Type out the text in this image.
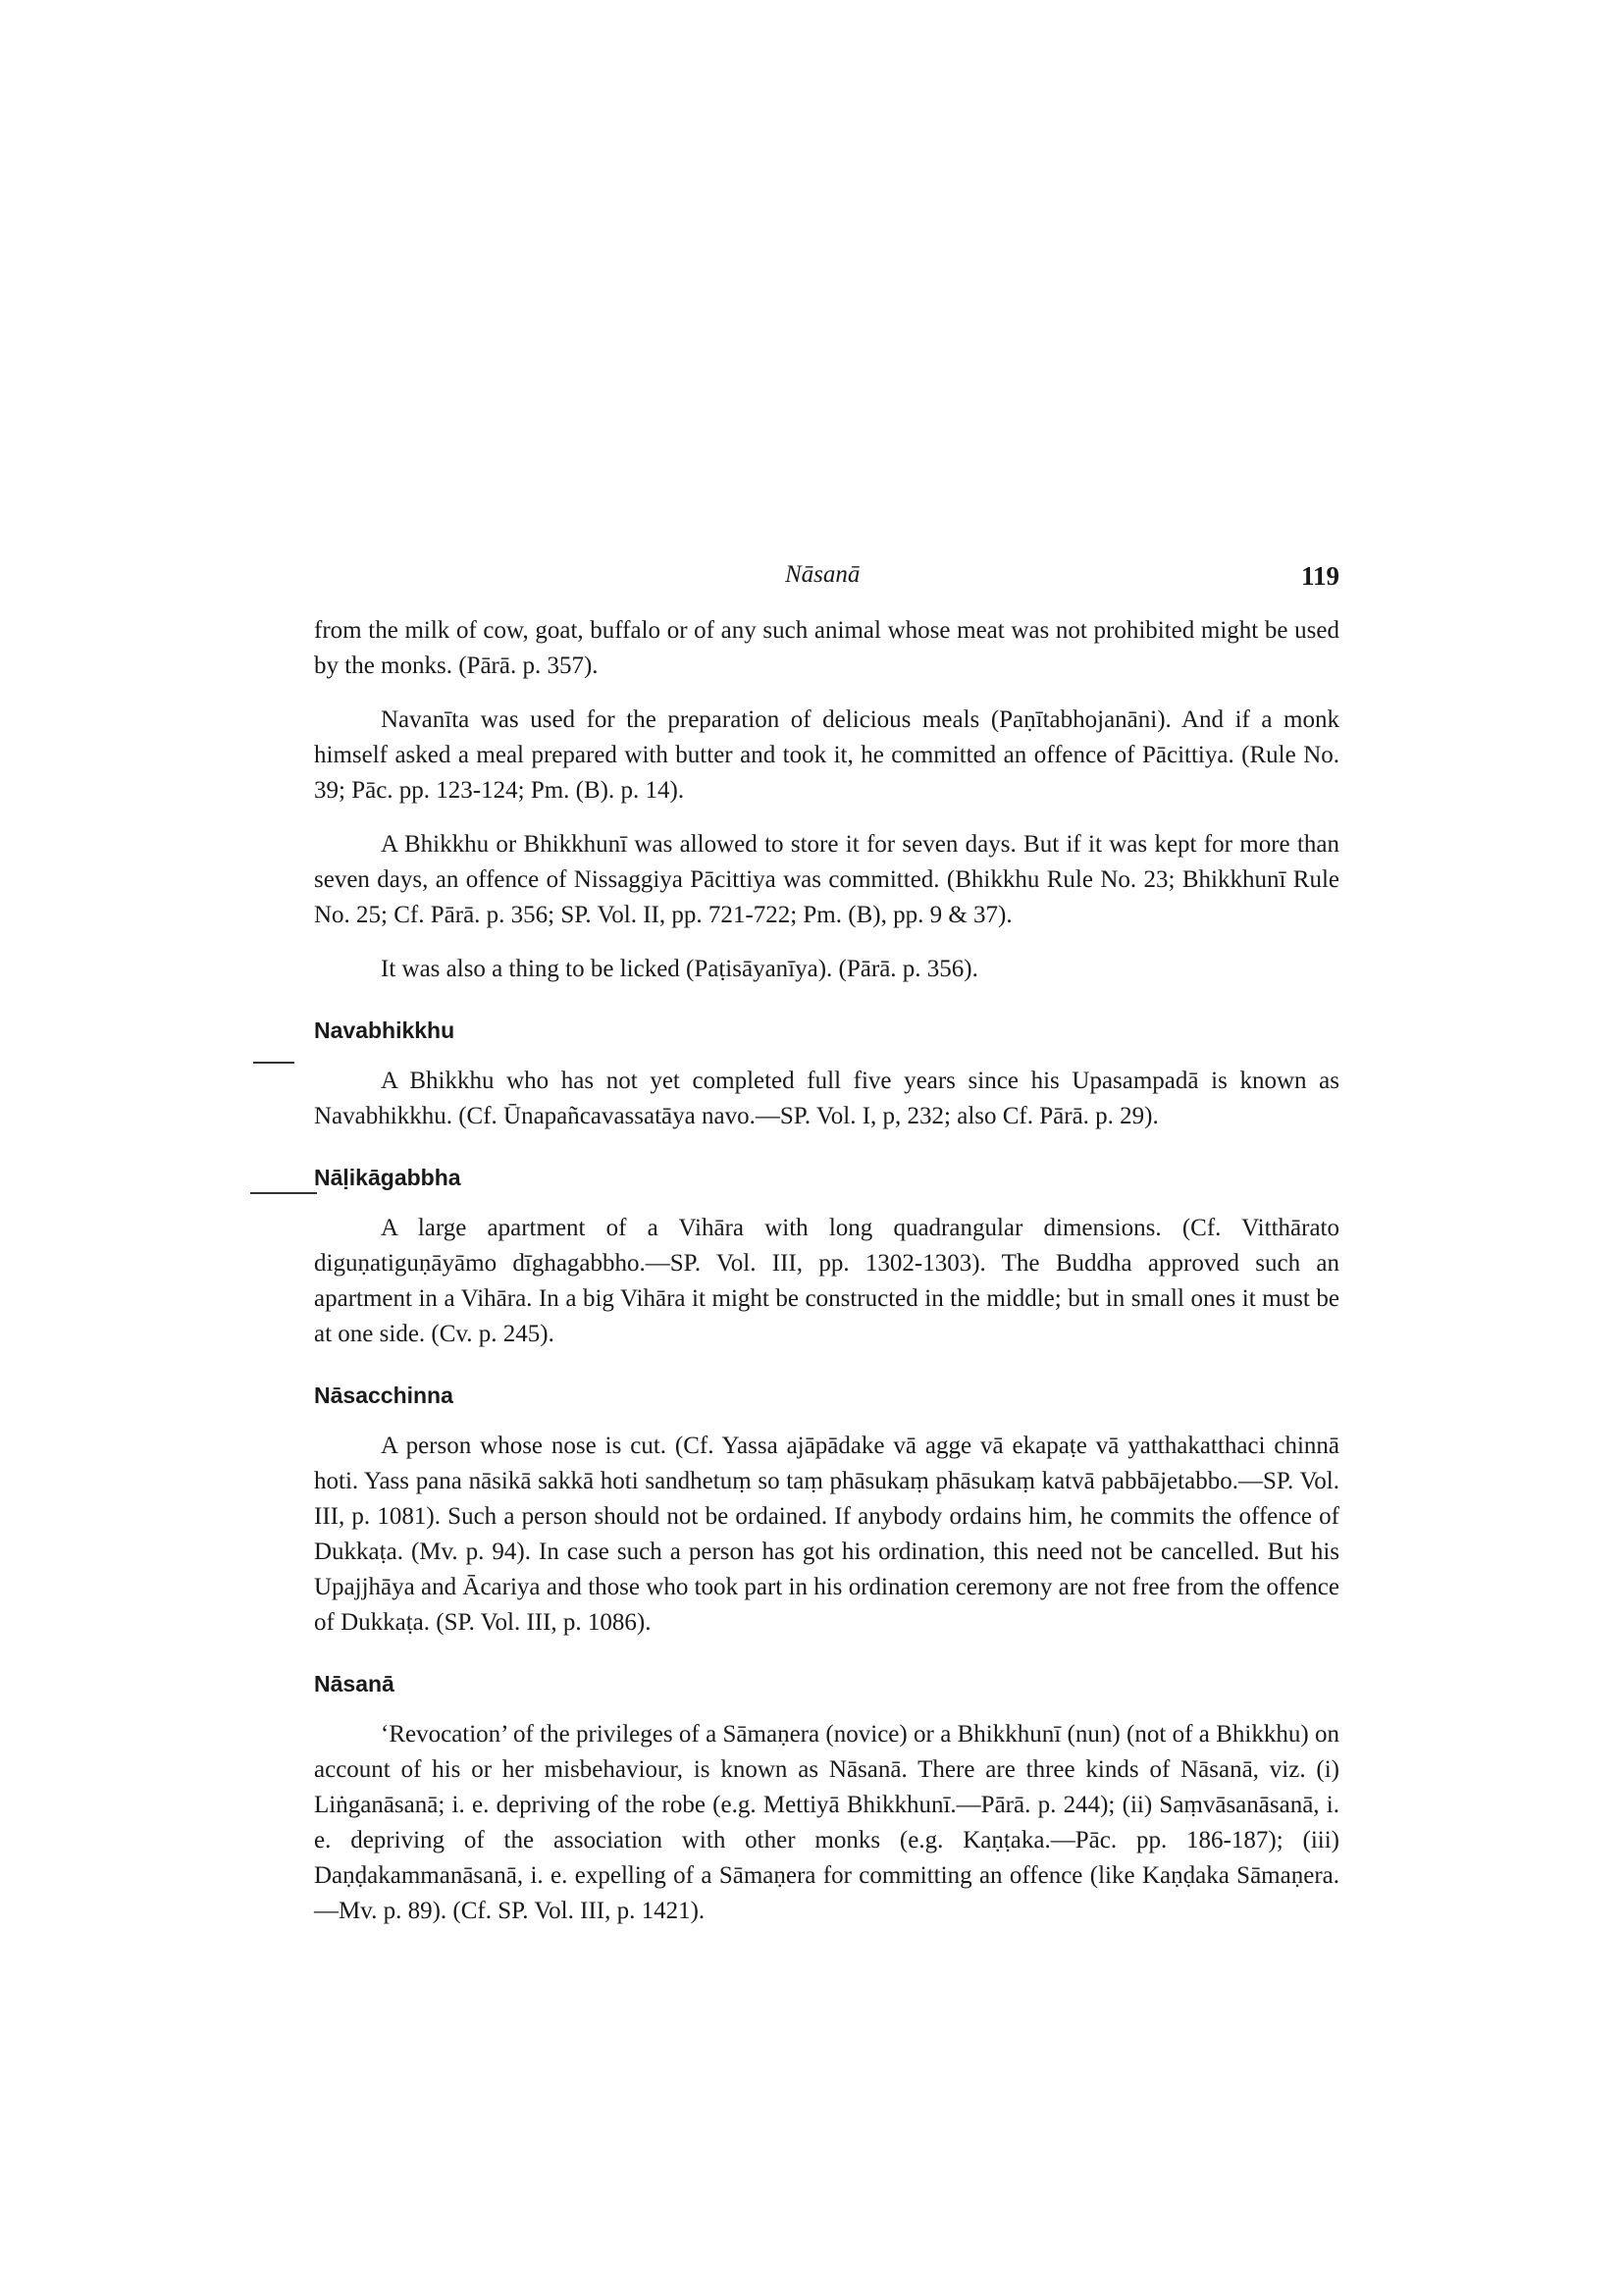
Nāsanā	119

from the milk of cow, goat, buffalo or of any such animal whose meat was not prohibited might be used by the monks. (Pārā. p. 357).

Navanīta was used for the preparation of delicious meals (Paṇītabhojanāni). And if a monk himself asked a meal prepared with butter and took it, he committed an offence of Pācittiya. (Rule No. 39; Pāc. pp. 123-124; Pm. (B). p. 14).

A Bhikkhu or Bhikkhunī was allowed to store it for seven days. But if it was kept for more than seven days, an offence of Nissaggiya Pācittiya was committed. (Bhikkhu Rule No. 23; Bhikkhunī Rule No. 25; Cf. Pārā. p. 356; SP. Vol. II, pp. 721-722; Pm. (B), pp. 9 & 37).

It was also a thing to be licked (Paṭisāyanīya). (Pārā. p. 356).

Navabhikkhu

A Bhikkhu who has not yet completed full five years since his Upasampadā is known as Navabhikkhu. (Cf. Ūnapañcavassatāya navo.—SP. Vol. I, p, 232; also Cf. Pārā. p. 29).

Nāḷikāgabbha

A large apartment of a Vihāra with long quadrangular dimensions. (Cf. Vitthārato diguṇatiguṇāyāmo dīghagabbho.—SP. Vol. III, pp. 1302-1303). The Buddha approved such an apartment in a Vihāra. In a big Vihāra it might be constructed in the middle; but in small ones it must be at one side. (Cv. p. 245).

Nāsacchinna

A person whose nose is cut. (Cf. Yassa ajāpādake vā agge vā ekapaṭe vā yatthakatthaci chinnā hoti. Yass pana nāsikā sakkā hoti sandhetuṃ so taṃ phāsukaṃ phāsukaṃ katvā pabbājetabbo.—SP. Vol. III, p. 1081). Such a person should not be ordained. If anybody ordains him, he commits the offence of Dukkaṭa. (Mv. p. 94). In case such a person has got his ordination, this need not be cancelled. But his Upajjhāya and Ācariya and those who took part in his ordination ceremony are not free from the offence of Dukkaṭa. (SP. Vol. III, p. 1086).

Nāsanā

‘Revocation’ of the privileges of a Sāmaṇera (novice) or a Bhikkhunī (nun) (not of a Bhikkhu) on account of his or her misbehaviour, is known as Nāsanā. There are three kinds of Nāsanā, viz. (i) Liṅganāsanā; i. e. depriving of the robe (e.g. Mettiyā Bhikkhunī.—Pārā. p. 244); (ii) Saṃvāsanāsanā, i. e. depriving of the association with other monks (e.g. Kaṇṭaka.—Pāc. pp. 186-187); (iii) Daṇḍakammanāsanā, i. e. expelling of a Sāmaṇera for committing an offence (like Kaṇḍaka Sāmaṇera.—Mv. p. 89). (Cf. SP. Vol. III, p. 1421).
